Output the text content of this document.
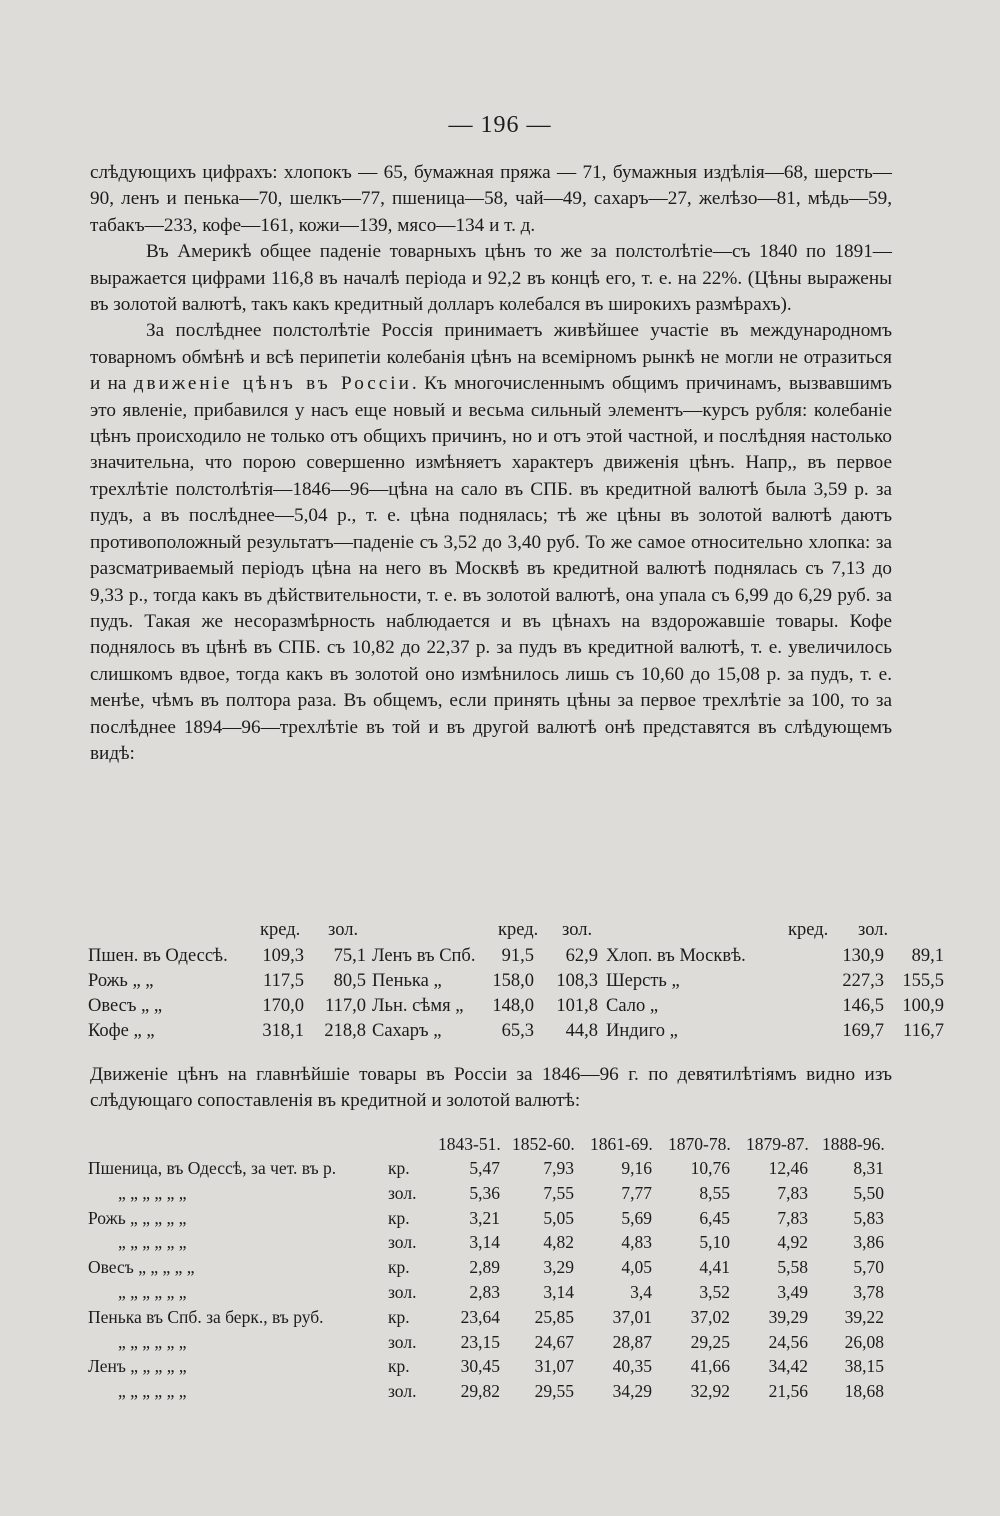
— 196 —

слѣдующихъ цифрахъ: хлопокъ — 65, бумажная пряжа — 71, бумажныя издѣлія—68, шерсть—90, ленъ и пенька—70, шелкъ—77, пшеница—58, чай—49, сахаръ—27, желѣзо—81, мѣдь—59, табакъ—233, кофе—161, кожи—139, мясо—134 и т. д.

Въ Америкѣ общее паденіе товарныхъ цѣнъ то же за полстолѣтіе—съ 1840 по 1891—выражается цифрами 116,8 въ началѣ періода и 92,2 въ концѣ его, т. е. на 22%. (Цѣны выражены въ золотой валютѣ, такъ какъ кредитный долларъ колебался въ широкихъ размѣрахъ).

За послѣднее полстолѣтіе Россія принимаетъ живѣйшее участіе въ международномъ товарномъ обмѣнѣ и всѣ перипетіи колебанія цѣнъ на всемірномъ рынкѣ не могли не отразиться и на движеніе цѣнъ въ Россіи. Къ многочисленнымъ общимъ причинамъ, вызвавшимъ это явленіе, прибавился у насъ еще новый и весьма сильный элементъ—курсъ рубля: колебаніе цѣнъ происходило не только отъ общихъ причинъ, но и отъ этой частной, и послѣдняя настолько значительна, что порою совершенно измѣняетъ характеръ движенія цѣнъ. Напр,, въ первое трехлѣтіе полстолѣтія—1846—96—цѣна на сало въ СПБ. въ кредитной валютѣ была 3,59 р. за пудъ, а въ послѣднее—5,04 р., т. е. цѣна поднялась; тѣ же цѣны въ золотой валютѣ даютъ противоположный результатъ—паденіе съ 3,52 до 3,40 руб. То же самое относительно хлопка: за разсматриваемый періодъ цѣна на него въ Москвѣ въ кредитной валютѣ поднялась съ 7,13 до 9,33 р., тогда какъ въ дѣйствительности, т. е. въ золотой валютѣ, она упала съ 6,99 до 6,29 руб. за пудъ. Такая же несоразмѣрность наблюдается и въ цѣнахъ на вздорожавшіе товары. Кофе поднялось въ цѣнѣ въ СПБ. съ 10,82 до 22,37 р. за пудъ въ кредитной валютѣ, т. е. увеличилось слишкомъ вдвое, тогда какъ въ золотой оно измѣнилось лишь съ 10,60 до 15,08 р. за пудъ, т. е. менѣе, чѣмъ въ полтора раза. Въ общемъ, если принять цѣны за первое трехлѣтіе за 100, то за послѣднее 1894—96—трехлѣтіе въ той и въ другой валютѣ онѣ представятся въ слѣдующемъ видѣ:

кред. зол.	кред. зол.	кред. зол.
Пшен. въ Одессѣ.	109,3	75,1 Ленъ въ Спб.	91,5	62,9 Хлоп. въ Москвѣ.	130,9	89,1
Рожь „ „	117,5	80,5 Пенька „	158,0	108,3 Шерсть „	227,3 155,5
Овесъ „ „	170,0	117,0 Льн. сѣмя „	148,0	101,8 Сало „	146,5 100,9
Кофе „ „	318,1	218,8 Сахаръ „	65,3	44,8 Индиго „	169,7	116,7
Движеніе цѣнъ на главнѣйшіе товары въ Россіи за 1846—96 г. по девятилѣтіямъ видно изъ слѣдующаго сопоставленія въ кредитной и золотой валютѣ:
1843-51. 1852-60. 1861-69. 1870-78. 1879-87. 1888-96.
Пшеница, въ Одессѣ, за чет. въ р.	кр.	5,47	7,93	9,16	10,76	12,46	8,31
„ „ „ „ „ „	зол.	5,36	7,55	7,77	8,55	7,83	5,50
Рожь „ „ „ „ „	кр.	3,21	5,05	5,69	6,45	7,83	5,83
„ „ „ „ „ „	зол.	3,14	4,82	4,83	5,10	4,92	3,86
Овесъ „ „ „ „ „	кр.	2,89	3,29	4,05	4,41	5,58	5,70
„ „ „ „ „ „	зол.	2,83	3,14	3,4	3,52	3,49	3,78
Пенька въ Спб. за берк., въ руб.	кр.	23,64	25,85	37,01	37,02	39,29	39,22
„ „ „ „ „ „	зол.	23,15	24,67	28,87	29,25	24,56	26,08
Ленъ „ „ „ „ „	кр.	30,45	31,07	40,35	41,66	34,42	38,15
„ „ „ „ „ „	зол.	29,82	29,55	34,29	32,92	21,56	18,68
